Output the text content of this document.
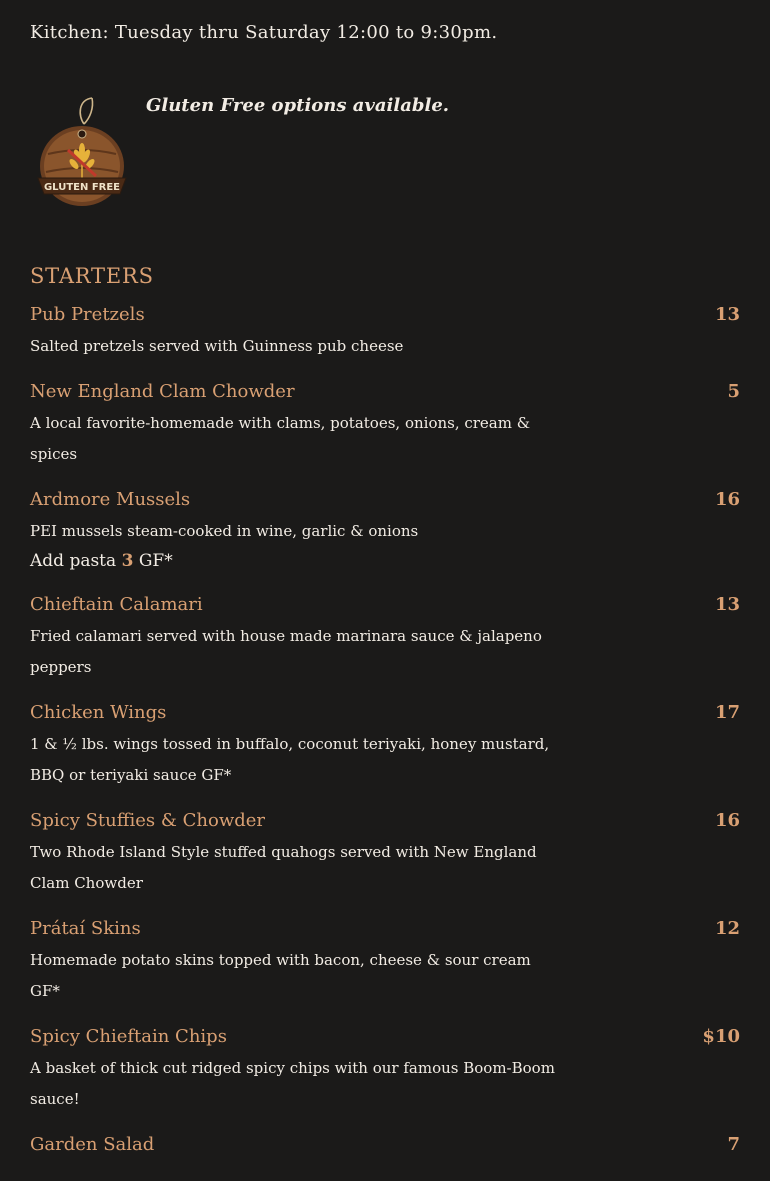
Kitchen: Tuesday thru Saturday 12:00 to 9:30pm.
GLUTEN FREE
Gluten Free options available.
STARTERS
Pub Pretzels	13
Salted pretzels served with Guinness pub cheese
New England Clam Chowder	5
A local favorite-homemade with clams, potatoes, onions, cream & spices
Ardmore Mussels	16
PEI mussels steam-cooked in wine, garlic & onions
Add pasta 3 GF*
Chieftain Calamari	13
Fried calamari served with house made marinara sauce & jalapeno peppers
Chicken Wings	17
1 & ½ lbs. wings tossed in buffalo, coconut teriyaki, honey mustard, BBQ or teriyaki sauce GF*
Spicy Stuffies & Chowder	16
Two Rhode Island Style stuffed quahogs served with New England Clam Chowder
Prátaí Skins	12
Homemade potato skins topped with bacon, cheese & sour cream GF*
Spicy Chieftain Chips	$10
A basket of thick cut ridged spicy chips with our famous Boom-Boom sauce!
Garden Salad	7
